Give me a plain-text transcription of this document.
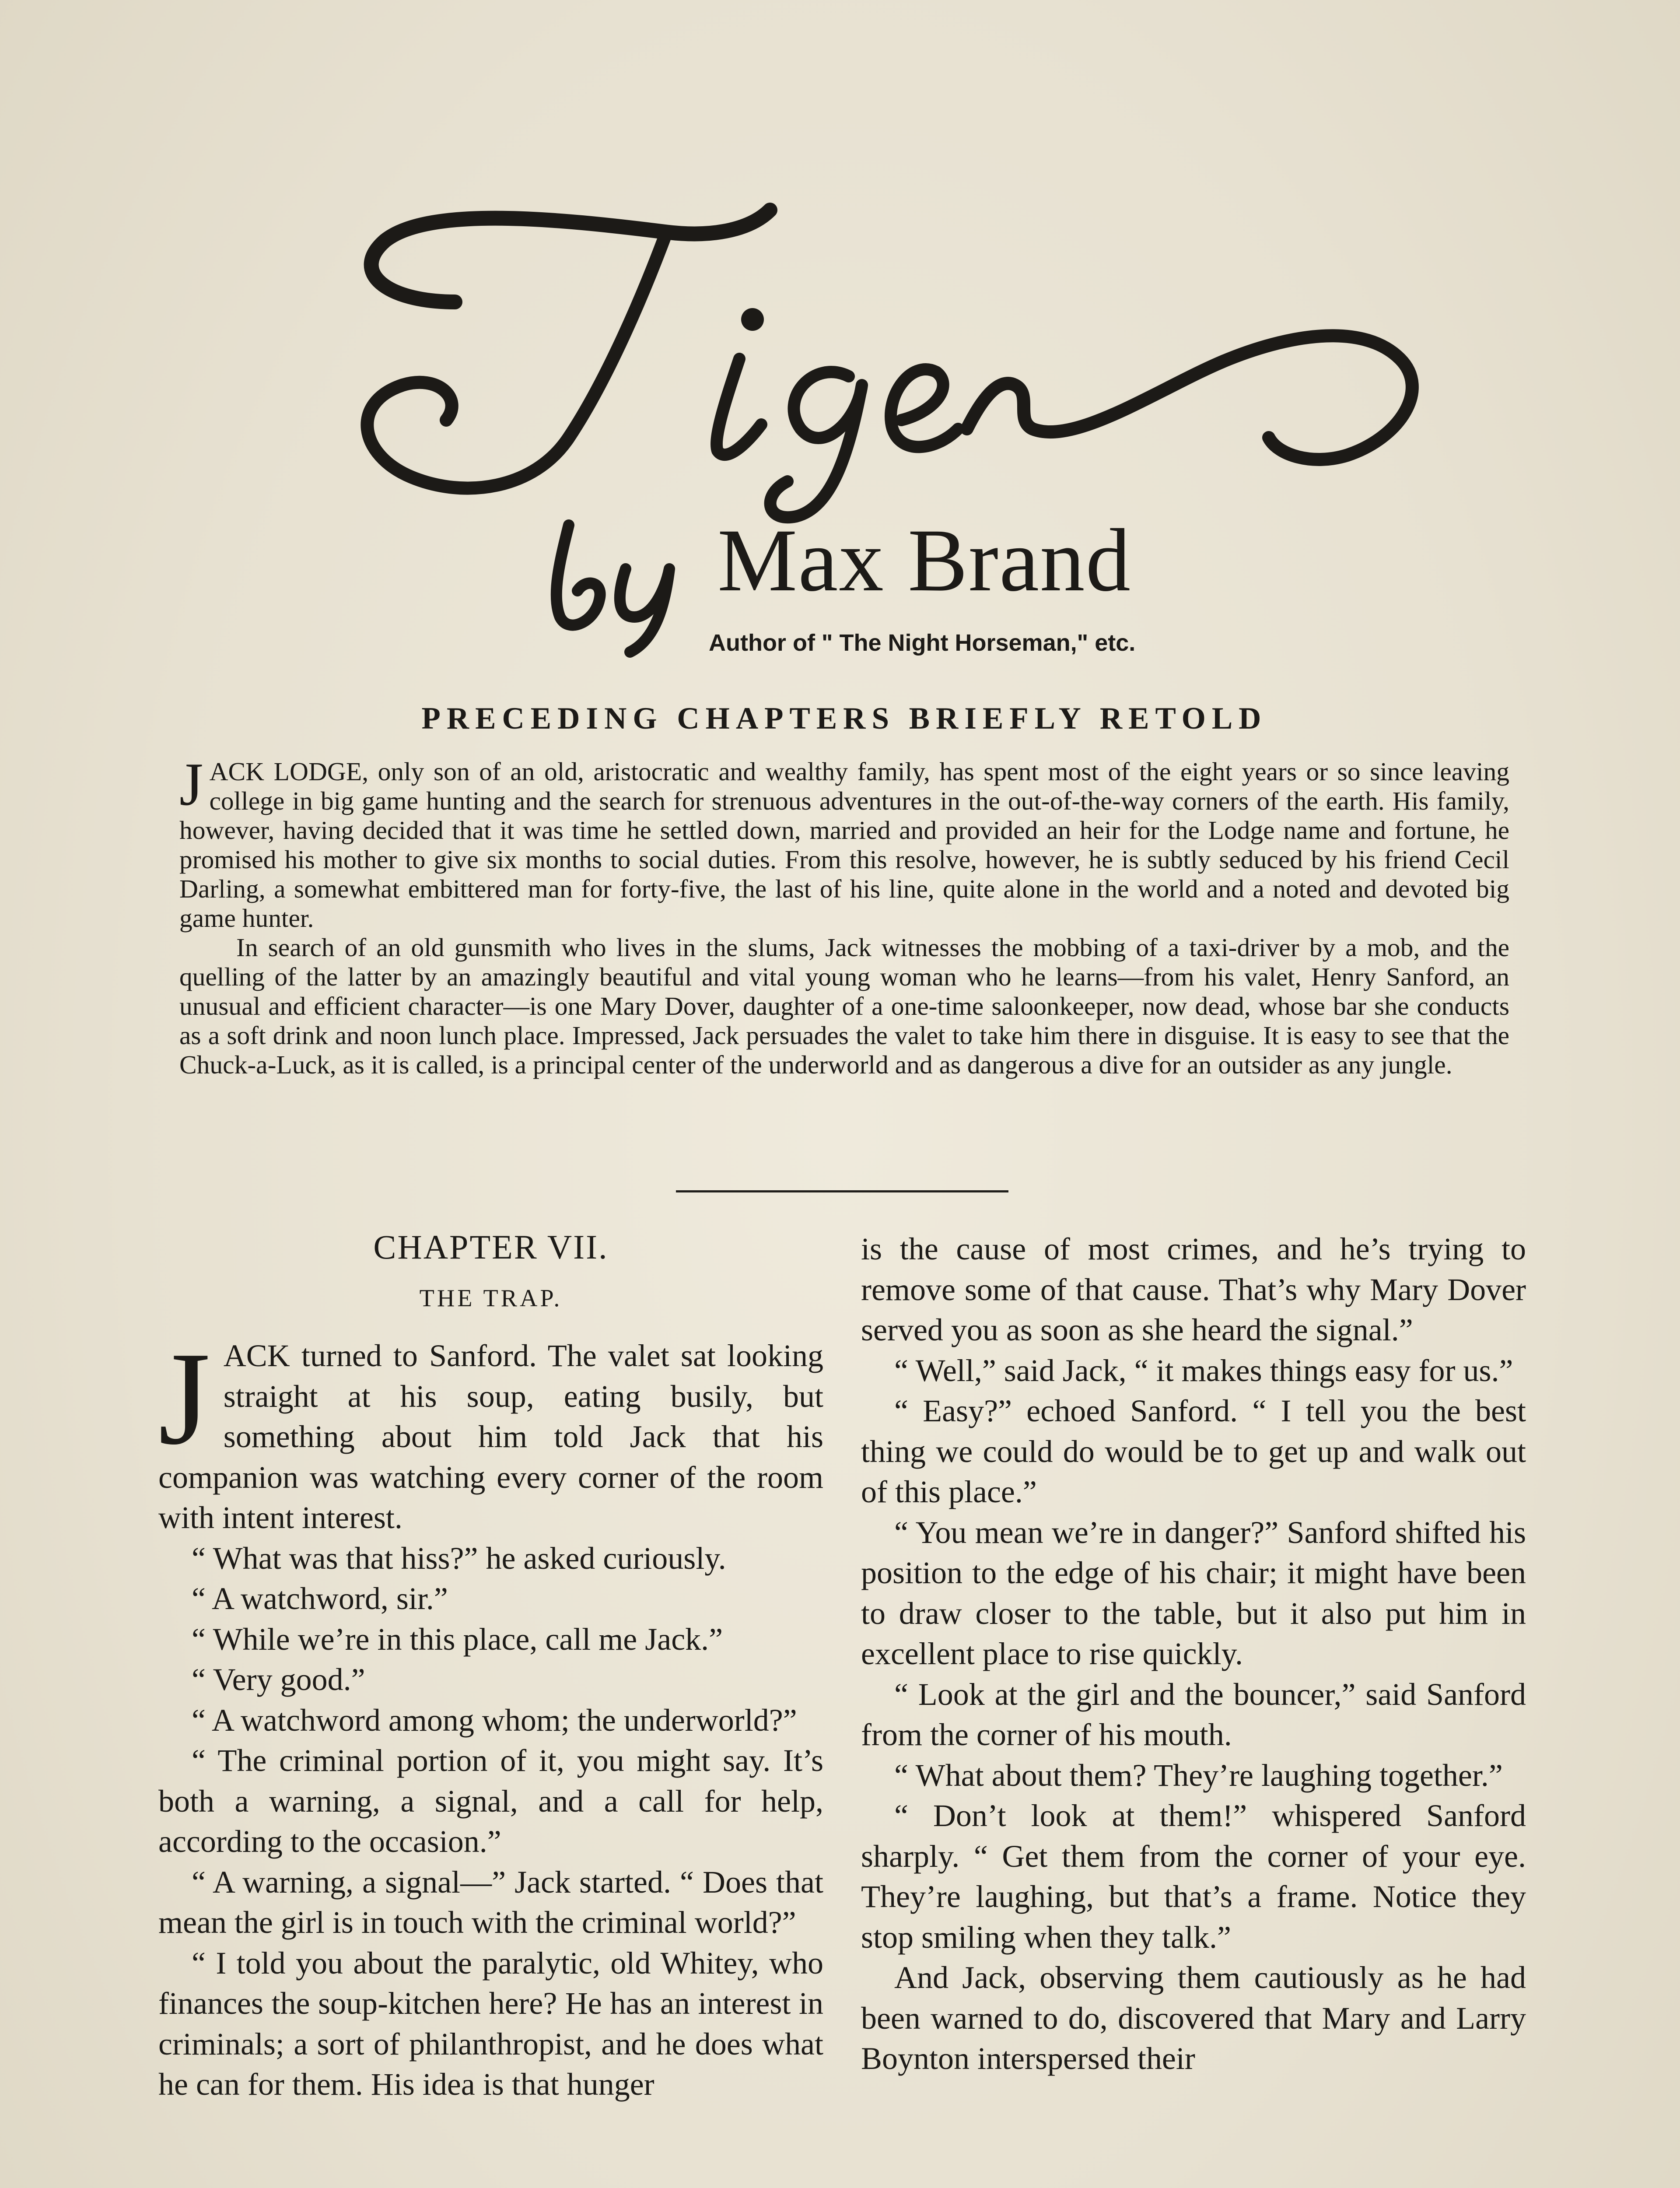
Max Brand
Author of " The Night Horseman," etc.
PRECEDING CHAPTERS BRIEFLY RETOLD

JACK LODGE, only son of an old, aristocratic and wealthy family, has spent most of the eight years or so since leaving college in big game hunting and the search for strenuous adventures in the out-of-the-way corners of the earth. His family, however, having decided that it was time he settled down, married and provided an heir for the Lodge name and fortune, he promised his mother to give six months to social duties. From this resolve, however, he is subtly seduced by his friend Cecil Darling, a somewhat embittered man for forty-five, the last of his line, quite alone in the world and a noted and devoted big game hunter.

In search of an old gunsmith who lives in the slums, Jack witnesses the mobbing of a taxi-driver by a mob, and the quelling of the latter by an amazingly beautiful and vital young woman who he learns—from his valet, Henry Sanford, an unusual and efficient character—is one Mary Dover, daughter of a one-time saloonkeeper, now dead, whose bar she conducts as a soft drink and noon lunch place. Impressed, Jack persuades the valet to take him there in disguise. It is easy to see that the Chuck-a-Luck, as it is called, is a principal center of the underworld and as dangerous a dive for an outsider as any jungle.

CHAPTER VII.
THE TRAP.

JACK turned to Sanford. The valet sat looking straight at his soup, eating busily, but something about him told Jack that his companion was watching every corner of the room with intent interest.

“ What was that hiss?” he asked curiously.

“ A watchword, sir.”

“ While we’re in this place, call me Jack.”

“ Very good.”

“ A watchword among whom; the underworld?”

“ The criminal portion of it, you might say. It’s both a warning, a signal, and a call for help, according to the occasion.”

“ A warning, a signal—” Jack started. “ Does that mean the girl is in touch with the criminal world?”

“ I told you about the paralytic, old Whitey, who finances the soup-kitchen here? He has an interest in criminals; a sort of philanthropist, and he does what he can for them. His idea is that hunger

is the cause of most crimes, and he’s trying to remove some of that cause. That’s why Mary Dover served you as soon as she heard the signal.”

“ Well,” said Jack, “ it makes things easy for us.”

“ Easy?” echoed Sanford. “ I tell you the best thing we could do would be to get up and walk out of this place.”

“ You mean we’re in danger?” Sanford shifted his position to the edge of his chair; it might have been to draw closer to the table, but it also put him in excellent place to rise quickly.

“ Look at the girl and the bouncer,” said Sanford from the corner of his mouth.

“ What about them? They’re laughing together.”

“ Don’t look at them!” whispered Sanford sharply. “ Get them from the corner of your eye. They’re laughing, but that’s a frame. Notice they stop smiling when they talk.”

And Jack, observing them cautiously as he had been warned to do, discovered that Mary and Larry Boynton interspersed their
